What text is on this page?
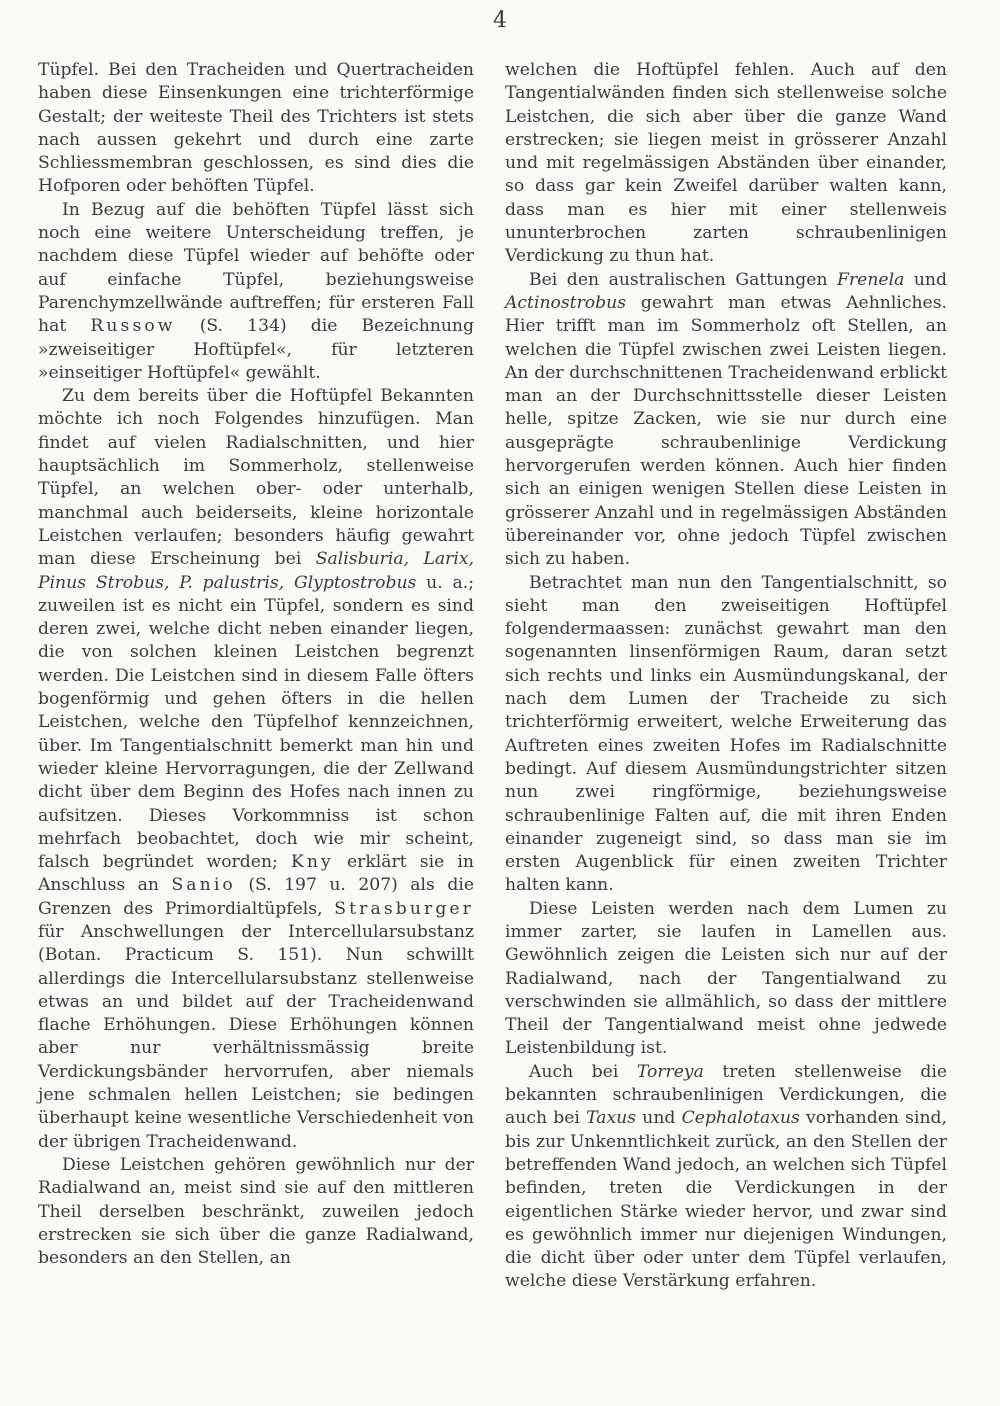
4

Tüpfel. Bei den Tracheiden und Quertracheiden haben diese Einsenkungen eine trichterförmige Gestalt; der weiteste Theil des Trichters ist stets nach aussen gekehrt und durch eine zarte Schliessmembran geschlossen, es sind dies die Hofporen oder behöften Tüpfel.

In Bezug auf die behöften Tüpfel lässt sich noch eine weitere Unterscheidung treffen, je nachdem diese Tüpfel wieder auf behöfte oder auf einfache Tüpfel, beziehungsweise Parenchymzellwände auftreffen; für ersteren Fall hat Russow (S. 134) die Bezeichnung »zweiseitiger Hoftüpfel«, für letzteren »einseitiger Hoftüpfel« gewählt.

Zu dem bereits über die Hoftüpfel Bekannten möchte ich noch Folgendes hinzufügen. Man findet auf vielen Radialschnitten, und hier hauptsächlich im Sommerholz, stellenweise Tüpfel, an welchen ober- oder unterhalb, manchmal auch beiderseits, kleine horizontale Leistchen verlaufen; besonders häufig gewahrt man diese Erscheinung bei Salisburia, Larix, Pinus Strobus, P. palustris, Glyptostrobus u. a.; zuweilen ist es nicht ein Tüpfel, sondern es sind deren zwei, welche dicht neben einander liegen, die von solchen kleinen Leistchen begrenzt werden. Die Leistchen sind in diesem Falle öfters bogenförmig und gehen öfters in die hellen Leistchen, welche den Tüpfelhof kennzeichnen, über. Im Tangentialschnitt bemerkt man hin und wieder kleine Hervorragungen, die der Zellwand dicht über dem Beginn des Hofes nach innen zu aufsitzen. Dieses Vorkommniss ist schon mehrfach beobachtet, doch wie mir scheint, falsch begründet worden; Kny erklärt sie in Anschluss an Sanio (S. 197 u. 207) als die Grenzen des Primordialtüpfels, Strasburger für Anschwellungen der Intercellularsubstanz (Botan. Practicum S. 151). Nun schwillt allerdings die Intercellularsubstanz stellenweise etwas an und bildet auf der Tracheidenwand flache Erhöhungen. Diese Erhöhungen können aber nur verhältnissmässig breite Verdickungsbänder hervorrufen, aber niemals jene schmalen hellen Leistchen; sie bedingen überhaupt keine wesentliche Verschiedenheit von der übrigen Tracheidenwand.

Diese Leistchen gehören gewöhnlich nur der Radialwand an, meist sind sie auf den mittleren Theil derselben beschränkt, zuweilen jedoch erstrecken sie sich über die ganze Radialwand, besonders an den Stellen, an

welchen die Hoftüpfel fehlen. Auch auf den Tangentialwänden finden sich stellenweise solche Leistchen, die sich aber über die ganze Wand erstrecken; sie liegen meist in grösserer Anzahl und mit regelmässigen Abständen über einander, so dass gar kein Zweifel darüber walten kann, dass man es hier mit einer stellenweis ununterbrochen zarten schraubenlinigen Verdickung zu thun hat.

Bei den australischen Gattungen Frenela und Actinostrobus gewahrt man etwas Aehnliches. Hier trifft man im Sommerholz oft Stellen, an welchen die Tüpfel zwischen zwei Leisten liegen. An der durchschnittenen Tracheidenwand erblickt man an der Durchschnittsstelle dieser Leisten helle, spitze Zacken, wie sie nur durch eine ausgeprägte schraubenlinige Verdickung hervorgerufen werden können. Auch hier finden sich an einigen wenigen Stellen diese Leisten in grösserer Anzahl und in regelmässigen Abständen übereinander vor, ohne jedoch Tüpfel zwischen sich zu haben.

Betrachtet man nun den Tangentialschnitt, so sieht man den zweiseitigen Hoftüpfel folgendermaassen: zunächst gewahrt man den sogenannten linsenförmigen Raum, daran setzt sich rechts und links ein Ausmündungskanal, der nach dem Lumen der Tracheide zu sich trichterförmig erweitert, welche Erweiterung das Auftreten eines zweiten Hofes im Radialschnitte bedingt. Auf diesem Ausmündungstrichter sitzen nun zwei ringförmige, beziehungsweise schraubenlinige Falten auf, die mit ihren Enden einander zugeneigt sind, so dass man sie im ersten Augenblick für einen zweiten Trichter halten kann.

Diese Leisten werden nach dem Lumen zu immer zarter, sie laufen in Lamellen aus. Gewöhnlich zeigen die Leisten sich nur auf der Radialwand, nach der Tangentialwand zu verschwinden sie allmählich, so dass der mittlere Theil der Tangentialwand meist ohne jedwede Leistenbildung ist.

Auch bei Torreya treten stellenweise die bekannten schraubenlinigen Verdickungen, die auch bei Taxus und Cephalotaxus vorhanden sind, bis zur Unkenntlichkeit zurück, an den Stellen der betreffenden Wand jedoch, an welchen sich Tüpfel befinden, treten die Verdickungen in der eigentlichen Stärke wieder hervor, und zwar sind es gewöhnlich immer nur diejenigen Windungen, die dicht über oder unter dem Tüpfel verlaufen, welche diese Verstärkung erfahren.
